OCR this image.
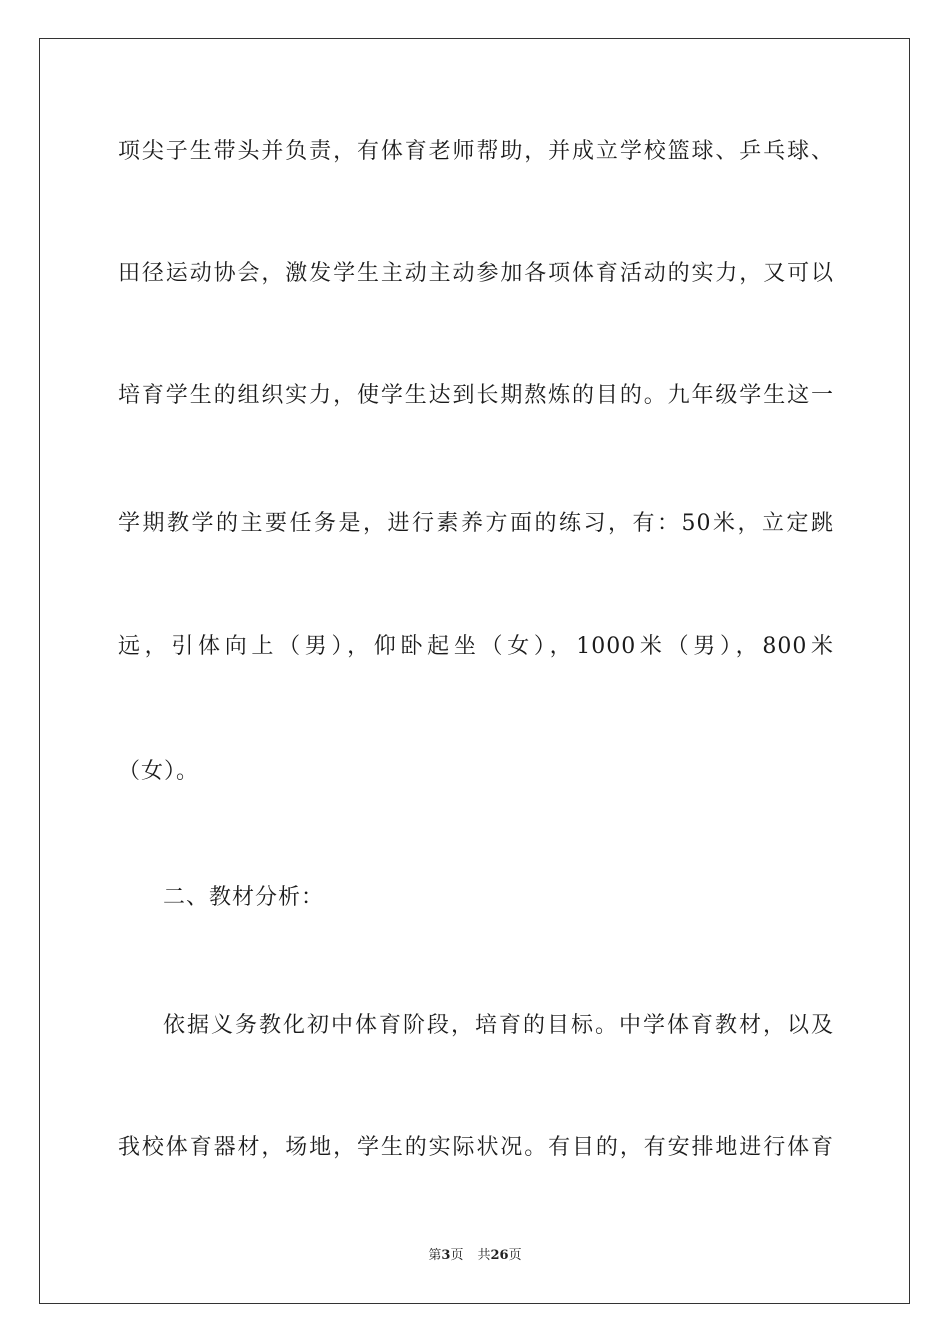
项尖子生带头并负责，有体育老师帮助，并成立学校篮球、乒乓球、
田径运动协会，激发学生主动主动参加各项体育活动的实力，又可以
培育学生的组织实力，使学生达到长期熬炼的目的。九年级学生这一
学期教学的主要任务是，进行素养方面的练习，有：50米，立定跳
远，引体向上（男），仰卧起坐（女），1000米（男），800米
（女）。
二、教材分析：
依据义务教化初中体育阶段，培育的目标。中学体育教材，以及
我校体育器材，场地，学生的实际状况。有目的，有安排地进行体育
第3页 共26页
